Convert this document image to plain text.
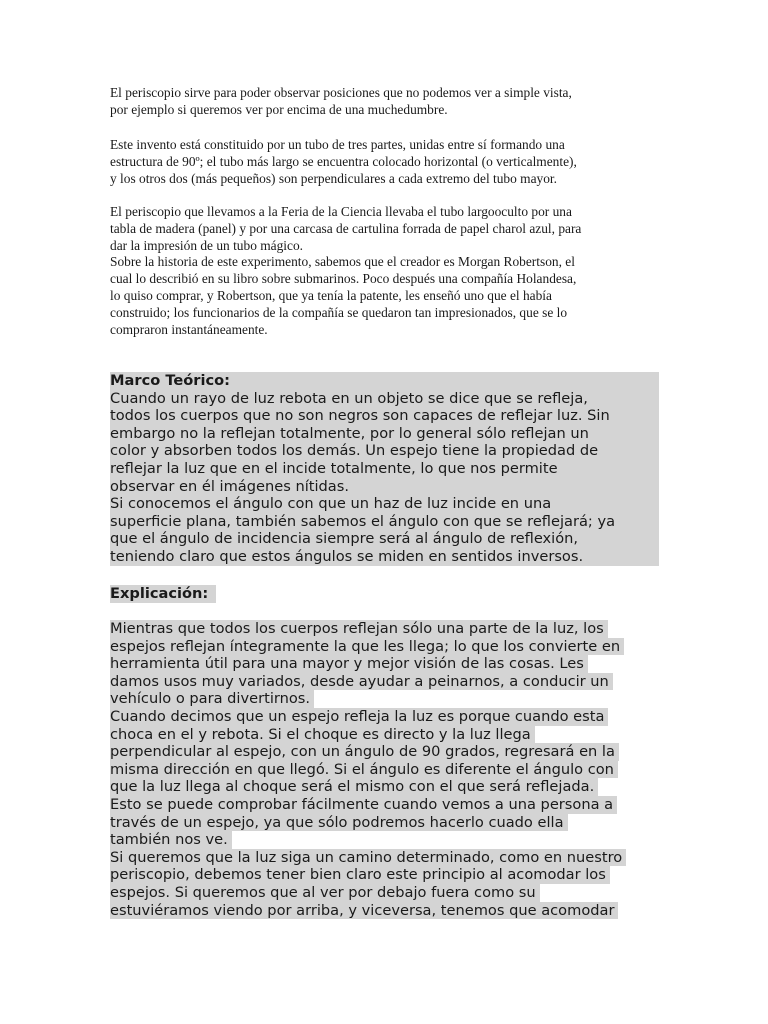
El periscopio sirve para poder observar posiciones que no podemos ver a simple vista,
por ejemplo si queremos ver por encima de una muchedumbre.

Este invento está constituido por un tubo de tres partes, unidas entre sí formando una
estructura de 90º; el tubo más largo se encuentra colocado horizontal (o verticalmente),
y los otros dos (más pequeños) son perpendiculares a cada extremo del tubo mayor.

El periscopio que llevamos a la Feria de la Ciencia llevaba el tubo largooculto por una
tabla de madera (panel) y por una carcasa de cartulina forrada de papel charol azul, para
dar la impresión de un tubo mágico.
Sobre la historia de este experimento, sabemos que el creador es Morgan Robertson, el
cual lo describió en su libro sobre submarinos. Poco después una compañía Holandesa,
lo quiso comprar, y Robertson, que ya tenía la patente, les enseñó uno que el había
construido; los funcionarios de la compañía se quedaron tan impresionados, que se lo
compraron instantáneamente.

Marco Teórico:
Cuando un rayo de luz rebota en un objeto se dice que se refleja,
todos los cuerpos que no son negros son capaces de reflejar luz. Sin
embargo no la reflejan totalmente, por lo general sólo reflejan un
color y absorben todos los demás. Un espejo tiene la propiedad de
reflejar la luz que en el incide totalmente, lo que nos permite
observar en él imágenes nítidas.
Si conocemos el ángulo con que un haz de luz incide en una
superficie plana, también sabemos el ángulo con que se reflejará; ya
que el ángulo de incidencia siempre será al ángulo de reflexión,
teniendo claro que estos ángulos se miden en sentidos inversos.
Explicación:
Mientras que todos los cuerpos reflejan sólo una parte de la luz, los
espejos reflejan íntegramente la que les llega; lo que los convierte en
herramienta útil para una mayor y mejor visión de las cosas. Les
damos usos muy variados, desde ayudar a peinarnos, a conducir un
vehículo o para divertirnos.
Cuando decimos que un espejo refleja la luz es porque cuando esta
choca en el y rebota. Si el choque es directo y la luz llega
perpendicular al espejo, con un ángulo de 90 grados, regresará en la
misma dirección en que llegó. Si el ángulo es diferente el ángulo con
que la luz llega al choque será el mismo con el que será reflejada.
Esto se puede comprobar fácilmente cuando vemos a una persona a
través de un espejo, ya que sólo podremos hacerlo cuado ella
también nos ve.
Si queremos que la luz siga un camino determinado, como en nuestro
periscopio, debemos tener bien claro este principio al acomodar los
espejos. Si queremos que al ver por debajo fuera como su
estuviéramos viendo por arriba, y viceversa, tenemos que acomodar
